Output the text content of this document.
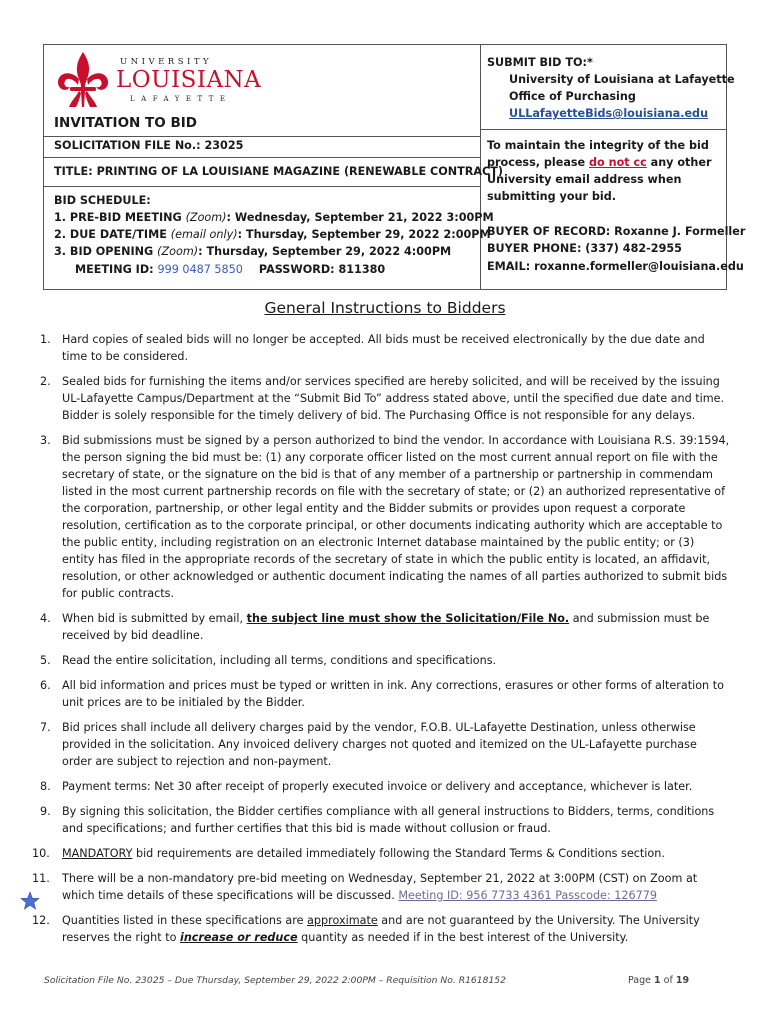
UNIVERSITY
LOUISIANA
LAFAYETTE
INVITATION TO BID
SOLICITATION FILE No.: 23025
TITLE: PRINTING OF LA LOUISIANE MAGAZINE (RENEWABLE CONTRACT)
BID SCHEDULE:
1. PRE-BID MEETING (Zoom): Wednesday, September 21, 2022 3:00PM
2. DUE DATE/TIME (email only): Thursday, September 29, 2022 2:00PM
3. BID OPENING (Zoom): Thursday, September 29, 2022 4:00PM
MEETING ID: 999 0487 5850 PASSWORD: 811380
SUBMIT BID TO:*
University of Louisiana at Lafayette
Office of Purchasing
ULLafayetteBids@louisiana.edu
To maintain the integrity of the bid
process, please do not cc any other
University email address when
submitting your bid.
BUYER OF RECORD: Roxanne J. Formeller
BUYER PHONE: (337) 482-2955
EMAIL: roxanne.formeller@louisiana.edu
General Instructions to Bidders
1. Hard copies of sealed bids will no longer be accepted. All bids must be received electronically by the due date and time to be considered.
2. Sealed bids for furnishing the items and/or services specified are hereby solicited, and will be received by the issuing UL-Lafayette Campus/Department at the “Submit Bid To” address stated above, until the specified due date and time. Bidder is solely responsible for the timely delivery of bid. The Purchasing Office is not responsible for any delays.
3. Bid submissions must be signed by a person authorized to bind the vendor. In accordance with Louisiana R.S. 39:1594, the person signing the bid must be: (1) any corporate officer listed on the most current annual report on file with the secretary of state, or the signature on the bid is that of any member of a partnership or partnership in commendam listed in the most current partnership records on file with the secretary of state; or (2) an authorized representative of the corporation, partnership, or other legal entity and the Bidder submits or provides upon request a corporate resolution, certification as to the corporate principal, or other documents indicating authority which are acceptable to the public entity, including registration on an electronic Internet database maintained by the public entity; or (3) entity has filed in the appropriate records of the secretary of state in which the public entity is located, an affidavit, resolution, or other acknowledged or authentic document indicating the names of all parties authorized to submit bids for public contracts.
4. When bid is submitted by email, the subject line must show the Solicitation/File No. and submission must be received by bid deadline.
5. Read the entire solicitation, including all terms, conditions and specifications.
6. All bid information and prices must be typed or written in ink. Any corrections, erasures or other forms of alteration to unit prices are to be initialed by the Bidder.
7. Bid prices shall include all delivery charges paid by the vendor, F.O.B. UL-Lafayette Destination, unless otherwise provided in the solicitation. Any invoiced delivery charges not quoted and itemized on the UL-Lafayette purchase order are subject to rejection and non-payment.
8. Payment terms: Net 30 after receipt of properly executed invoice or delivery and acceptance, whichever is later.
9. By signing this solicitation, the Bidder certifies compliance with all general instructions to Bidders, terms, conditions and specifications; and further certifies that this bid is made without collusion or fraud.
10. MANDATORY bid requirements are detailed immediately following the Standard Terms & Conditions section.
11. There will be a non-mandatory pre-bid meeting on Wednesday, September 21, 2022 at 3:00PM (CST) on Zoom at which time details of these specifications will be discussed. Meeting ID: 956 7733 4361 Passcode: 126779
12. Quantities listed in these specifications are approximate and are not guaranteed by the University. The University reserves the right to increase or reduce quantity as needed if in the best interest of the University.
Solicitation File No. 23025 – Due Thursday, September 29, 2022 2:00PM – Requisition No. R1618152	Page 1 of 19
